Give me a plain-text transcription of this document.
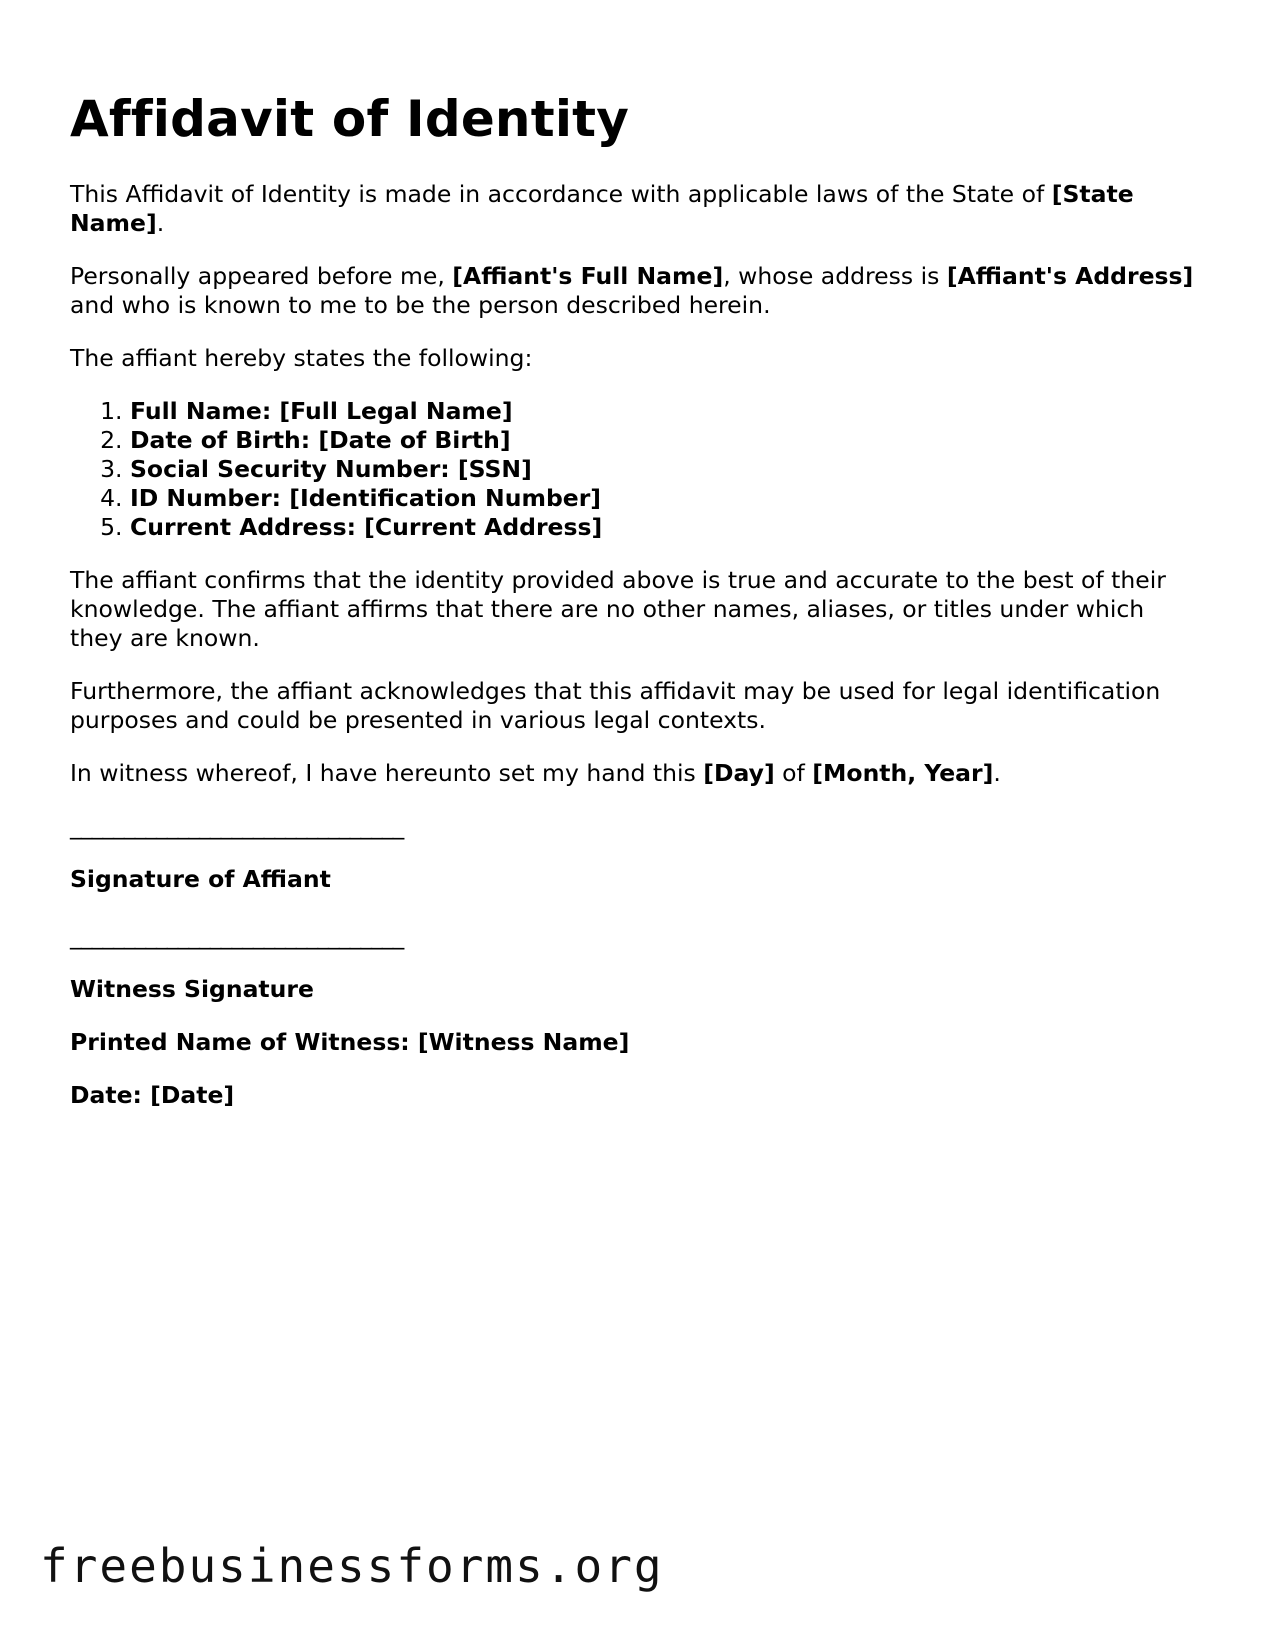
Affidavit of Identity

This Affidavit of Identity is made in accordance with applicable laws of the State of [State Name].

Personally appeared before me, [Affiant's Full Name], whose address is [Affiant's Address] and who is known to me to be the person described herein.

The affiant hereby states the following:

1. Full Name: [Full Legal Name]
2. Date of Birth: [Date of Birth]
3. Social Security Number: [SSN]
4. ID Number: [Identification Number]
5. Current Address: [Current Address]

The affiant confirms that the identity provided above is true and accurate to the best of their knowledge. The affiant affirms that there are no other names, aliases, or titles under which they are known.

Furthermore, the affiant acknowledges that this affidavit may be used for legal identification purposes and could be presented in various legal contexts.

In witness whereof, I have hereunto set my hand this [Day] of [Month, Year].

_______________________________

Signature of Affiant

_______________________________

Witness Signature

Printed Name of Witness: [Witness Name]

Date: [Date]

freebusinessforms.org
